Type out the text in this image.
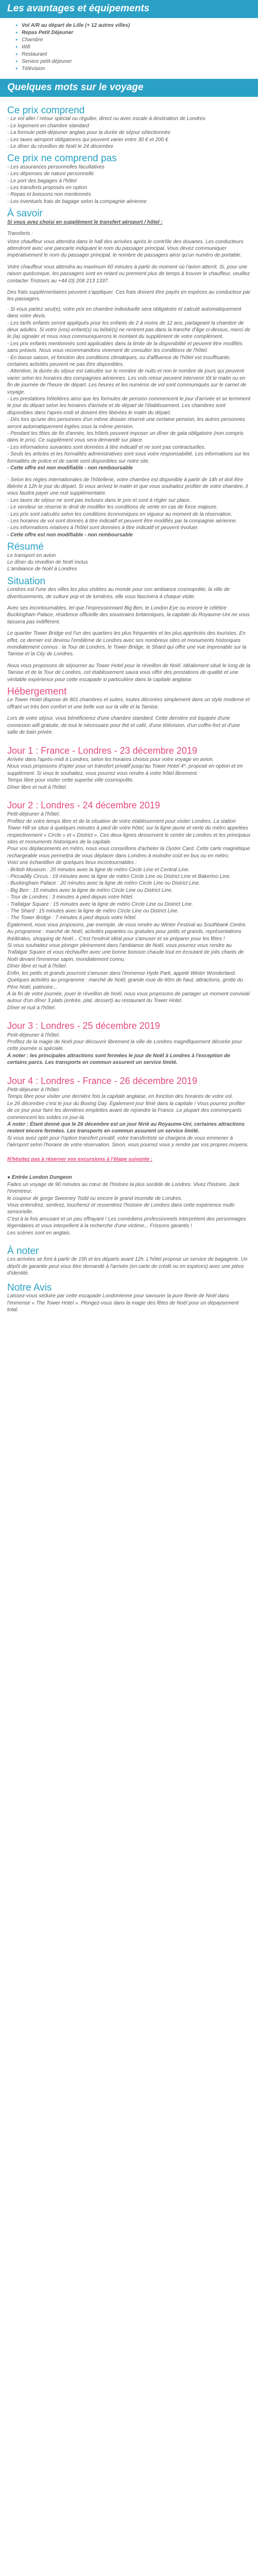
Les avantages et équipements
● Vol A/R au départ de Lille (+ 12 autres villes)
● Repas Petit Déjeuner
● Chambre
● Wifi
● Restaurant
● Service petit-déjeuner
● Télévision
Quelques mots sur le voyage
Ce prix comprend
- Le vol aller / retour spécial ou régulier, direct ou avec escale à destination de Londres
- Le logement en chambre standard
- La formule petit-déjeuner anglais pour la durée de séjour sélectionnée
- Les taxes aéroport obligatoires qui peuvent varier entre 30 € et 200 €
- Le dîner du réveillon de Noël le 24 décembre
Ce prix ne comprend pas
- Les assurances personnelles facultatives
- Les dépenses de nature personnelle
- Le port des bagages à l'hôtel
- Les transferts proposés en option
- Repas et boissons non mentionnés
- Les éventuels frais de bagage selon la compagnie aérienne
À savoir

Si vous avez choisi en supplément le transfert aéroport / hôtel :

Transferts :

Votre chauffeur vous attendra dans le hall des arrivées après le contrôle des douanes. Les conducteurs attendront avec une pancarte indiquant le nom du passager principal. Vous devez communiquer impérativement le nom du passager principal, le nombre de passagers ainsi qu'un numéro de portable.

Votre chauffeur vous attendra au maximum 60 minutes à partir du moment où l'avion atterrit. Si, pour une raison quelconque, les passagers sont en retard ou prennent plus de temps à trouver le chauffeur, veuillez contacter Tristours au +44 (0) 208 213 1337.

Des frais supplémentaires peuvent s'appliquer. Ces frais doivent être payés en espèces au conducteur par les passagers.
- Si vous partez seul(e), votre prix en chambre individuelle sera obligatoire et calculé automatiquement dans votre devis.
- Les tarifs enfants seront appliqués pour les enfants de 2 à moins de 12 ans, partageant la chambre de deux adultes. Si votre (vos) enfant(s) ou bébé(s) ne rentrent pas dans la tranche d'âge ci-dessus, merci de le (la) signaler et nous nous communiquerons le montant du supplément de votre complément.
- Les prix enfants mentionnés sont applicables dans la limite de la disponibilité et peuvent être modifiés sans préavis. Nous vous recommandons vivement de consulter les conditions de l'hôtel.
- En basse saison, et fonction des conditions climatiques, ou d'affluence de l'hôtel est insuffisante, certaines activités peuvent ne pas être disponibles.
- Attention, la durée du séjour est calculée sur le nombre de nuits et non le nombre de jours qui peuvent varier selon les horaires des compagnies aériennes. Les vols retour peuvent intervenir tôt le matin ou en fin de journée de l'heure de départ. Les heures et les numéros de vol sont communiqués sur le carnet de voyage.
- Les prestations hôtelières ainsi que les formules de pension commencent le jour d'arrivée et se terminent le jour du départ selon les horaires d'arrivée et de départ de l'établissement. Les chambres sont disponibles dans l'après-midi et doivent être libérées le matin du départ.
- Dès lors qu'une des personnes d'un même dossier réservé une certaine pension, les autres personnes seront automatiquement logées sous la même pension.
- Pendant les fêtes de fin d'année, les hôtels peuvent imposer un dîner de gala obligatoire (non compris dans le prix). Ce supplément vous sera demandé sur place.
- Les informations suivantes sont données à titre indicatif et ne sont pas contractuelles.
- Seuls les articles et les formalités administratives sont sous votre responsabilité. Les informations sur les formalités de police et de santé sont disponibles sur notre site.
- Cette offre est non modifiable - non remboursable
- Selon les règles internationales de l'hôtellerie, votre chambre est disponible à partir de 14h et doit être libérée à 12h le jour du départ. Si vous arrivez le matin et que vous souhaitez profiter de votre chambre, il vous faudra payer une nuit supplémentaire.
- Les taxes de séjour ne sont pas incluses dans le prix et sont à régler sur place.
- Le vendeur se réserve le droit de modifier les conditions de vente en cas de force majeure.
- Les prix sont calculés selon les conditions économiques en vigueur au moment de la réservation.
- Les horaires de vol sont donnés à titre indicatif et peuvent être modifiés par la compagnie aérienne.
- Les informations relatives à l'hôtel sont données à titre indicatif et peuvent évoluer.
- Cette offre est non modifiable - non remboursable
Résumé
Le transport en avion
Le dîner du réveillon de Noël inclus
L'ambiance de Noël à Londres
Situation

Londres est l'une des villes les plus visitées au monde pour son ambiance cosmopolite, la ville de divertissements, de culture pop et de lumières, elle vous fascinera à chaque visite.

Avec ses incontournables, tel que l'impressionnant Big Ben, le London Eye ou encore le célèbre Buckingham Palace, résidence officielle des souverains britanniques, la capitale du Royaume-Uni ne vous laissera pas indifférent.

Le quartier Tower Bridge est l'un des quartiers les plus fréquentés et les plus appréciés des touristes. En effet, ce dernier est devenu l'emblème de Londres avec ses nombreux sites et monuments historiques mondialement connus : la Tour de Londres, le Tower Bridge, le Shard qui offre une vue imprenable sur la Tamise et la City de Londres.

Nous vous proposons de séjourner au Tower Hotel pour le réveillon de Noël. Idéalement situé le long de la Tamise et de la Tour de Londres, cet établissement saura vous offrir des prestations de qualité et une véritable expérience pour cette escapade si particulière dans la capitale anglaise.

Hébergement

Le Tower Hotel dispose de 801 chambres et suites, toutes décorées simplement dans un style moderne et offrant un très bon confort et une belle vue sur la ville et la Tamise.

Lors de votre séjour, vous bénéficierez d'une chambre standard. Cette dernière est équipée d'une connexion wifi gratuite, de tout le nécessaire pour thé et café, d'une télévision, d'un coffre-fort et d'une salle de bain privée.

Jour 1 : France - Londres - 23 décembre 2019
Arrivée dans l'après-midi à Londres, selon les horaires choisis pour votre voyage en avion.
Nous vous proposons d'opter pour un transfert privatif jusqu'au Tower Hotel 4*, proposé en option et en supplément. Si vous le souhaitez, vous pourrez vous rendre à votre hôtel librement.
Temps libre pour visiter cette superbe ville cosmopolite.
Dîner libre et nuit à l'hôtel.
Jour 2 : Londres - 24 décembre 2019
Petit-déjeuner à l'hôtel.
Profitez de votre temps libre et de la situation de votre établissement pour visiter Londres. La station Tower Hill se situe à quelques minutes à pied de votre hôtel, sur la ligne jaune et verte du métro appelées respectivement « Circle » et « District ». Ces deux lignes desservent le centre de Londres et les principaux sites et monuments historiques de la capitale.
Pour vos déplacements en métro, nous vous conseillons d'acheter la Oyster Card. Cette carte magnétique rechargeable vous permettra de vous déplacer dans Londres à moindre coût en bus ou en métro.
Voici une échantillon de quelques lieux incontournables :
- British Museum : 20 minutes avec la ligne de métro Circle Line et Central Line.
- Piccadilly Circus : 19 minutes avec la ligne de métro Circle Line ou District Line et Bakerloo Line.
- Buckingham Palace : 20 minutes avec la ligne de métro Circle Line ou District Line.
- Big Ben : 15 minutes avec la ligne de métro Circle Line ou District Line.
- Tour de Londres : 3 minutes à pied depuis votre hôtel.
- Trafalgar Square : 15 minutes avec la ligne de métro Circle Line ou District Line.
- The Shard : 15 minutes avec la ligne de métro Circle Line ou District Line.
- The Tower Bridge : 7 minutes à pied depuis votre hôtel.
Également, nous vous proposons, par exemple, de vous rendre au Winter Festival au Southbank Centre. Au programme : marché de Noël, activités payantes ou gratuites pour petits et grands, représentations théâtrales, shopping de Noël... C'est l'endroit idéal pour s'amuser et se préparer pour les fêtes !
Si vous souhaitez vous plonger pleinement dans l'ambiance de Noël, vous pourrez vous rendre au Trafalgar Square et vous réchauffer avec une bonne boisson chaude tout en écoutant de jolis chants de Noël devant l'immense sapin, mondialement connu.
Dîner libre et nuit à l'hôtel.
Enfin, les petits et grands pourront s'amuser dans l'immense Hyde Park, appelé Winter Wonderland. Quelques activités au programme : marché de Noël, grande roue de 60m de haut, attractions, grotte du Père Noël, patinoire...
À la fin de votre journée, jouer le réveillon de Noël, nous vous proposons de partager un moment convivial autour d'un dîner 3 plats (entrée, plat, dessert) au restaurant du Tower Hotel.
Dîner et nuit à l'hôtel.
Jour 3 : Londres - 25 décembre 2019
Petit-déjeuner à l'hôtel.
Profitez de la magie de Noël pour découvrir librement la ville de Londres magnifiquement décorée pour cette journée si spéciale.
À noter : les principales attractions sont fermées le jour de Noël à Londres à l'exception de certains parcs. Les transports en commun assurent un service limité.
Jour 4 : Londres - France - 26 décembre 2019
Petit-déjeuner à l'hôtel.
Temps libre pour visiter une dernière fois la capitale anglaise, en fonction des horaires de votre vol.
Le 26 décembre c'est le jour du Boxing Day. Également jour férié dans la capitale ! Vous pourrez profiter de ce jour pour faire les dernières emplettes avant de rejoindre la France. Le plupart des commerçants commencent les soldes ce jour-là.
À noter : Étant donné que le 26 décembre est un jour férié au Royaume-Uni, certaines attractions restent encore fermées. Les transports en commun assurent un service limité.
Si vous avez opté pour l'option transfert privatif, votre transfertiste se chargera de vous emmener à l'aéroport selon l'horaire de votre réservation. Sinon, vous pourrez vous y rendre par vos propres moyens.

N'hésitez pas à réserver vos excursions à l'étape suivante :

● Entrée London Dungeon
Faites un voyage de 90 minutes au cœur de l'histoire la plus sordide de Londres. Vivez l'histoire, Jack l'éventreur,
le coupeur de gorge Sweeney Todd ou encore le grand incendie de Londres.
Vous entendrez, sentirez, toucherez et ressentirez l'histoire de Londres dans cette expérience multi-sensorielle.
C'est à la fois amusant et un peu effrayant ! Les comédiens professionnels interprètent des personnages légendaires et vous interpellent à la recherche d'une victime... Frissons garantis !
Les scènes sont en anglais.
À noter
Les arrivées se font à partir de 15h et les départs avant 12h. L'hôtel propose un service de bagagerie. Un dépôt de garantie peut vous être demandé à l'arrivée (en carte de crédit ou en espèces) avec une pièce d'identité.
Notre Avis
Laissez-vous séduire par cette escapade Londonienne pour savourer la pure féerie de Noël dans l'immense « The Tower Hotel ». Plongez-vous dans la magie des fêtes de Noël pour un dépaysement total.
